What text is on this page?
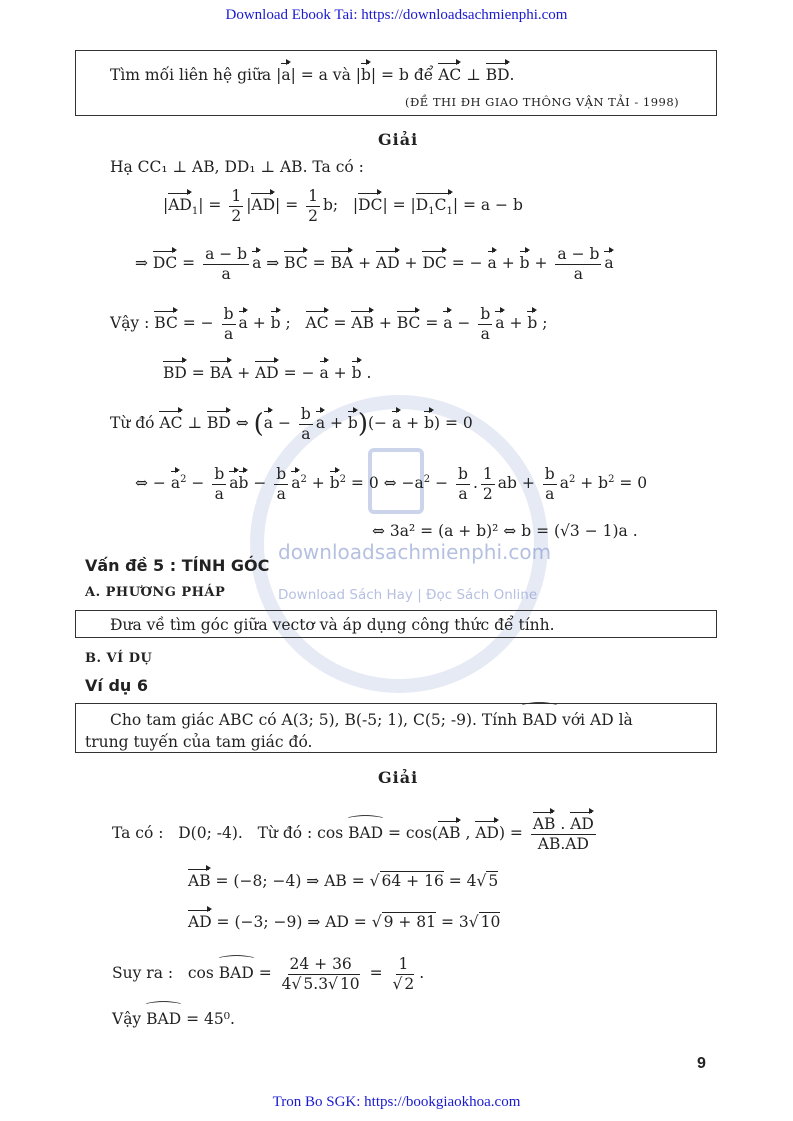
Download Ebook Tai: https://downloadsachmienphi.com
Tron Bo SGK: https://bookgiaokhoa.com
downloadsachmienphi.com
Download Sách Hay | Đọc Sách Online
Tìm mối liên hệ giữa |a| = a và |b| = b để AC ⊥ BD.
(ĐỀ THI ĐH GIAO THÔNG VẬN TẢI - 1998)
Giải
Hạ CC₁ ⊥ AB, DD₁ ⊥ AB. Ta có :
$|AD_1| = \frac{1}{2} |AD| = \frac{1}{2} b$;   $|DC| = |D_1C_1| = a - b$
⇒ DC = $\frac{a - b}{a}$ a ⇒ BC = BA + AD + DC = − $a + b + \frac{a - b}{a}$ a
Vậy : BC = − $\frac{b}{a}$ a + b ;   AC = AB + BC = $a - \frac{b}{a}$ a + b ;
BD = BA + AD = − a + b .
Từ đó AC ⊥ BD ⇔ ($a - \frac{b}{a}$ a + b)(− a + b) = 0
⇔ − $a^2 - \frac{b}{a}$ ab − $\frac{b}{a} a^2 + b^2 = 0$ ⇔ $-a^2 - \frac{b}{a}$ . $\frac{1}{2}$ ab + $\frac{b}{a} a^2 + b^2 = 0$
⇔ 3a² = (a + b)² ⇔ b = (√3 − 1)a .
Vấn đề 5 : TÍNH GÓC
A. PHƯƠNG PHÁP
Đưa về tìm góc giữa vectơ và áp dụng công thức để tính.
B. VÍ DỤ
Ví dụ 6
Cho tam giác ABC có A(3; 5), B(-5; 1), C(5; -9). Tính ⌒ BAD với AD là
trung tuyến của tam giác đó.
Giải
Ta có : D(0; -4). Từ đó : cos ⌒ BAD = cos(AB , $AD) = \frac{AB . AD}{AB.AD}$
AB = (−8; −4) ⇒ AB = √ 64 + 16 = 4√ 5
AD = (−3; −9) ⇒ AD = √ 9 + 81 = 3√ 10
Suy ra :   cos ⌒ BAD = $\frac{24 + 36}{4√ 5.3√ 10} = \frac{1}{√ 2}$ .
Vậy ⌒ BAD = 45⁰.
9
